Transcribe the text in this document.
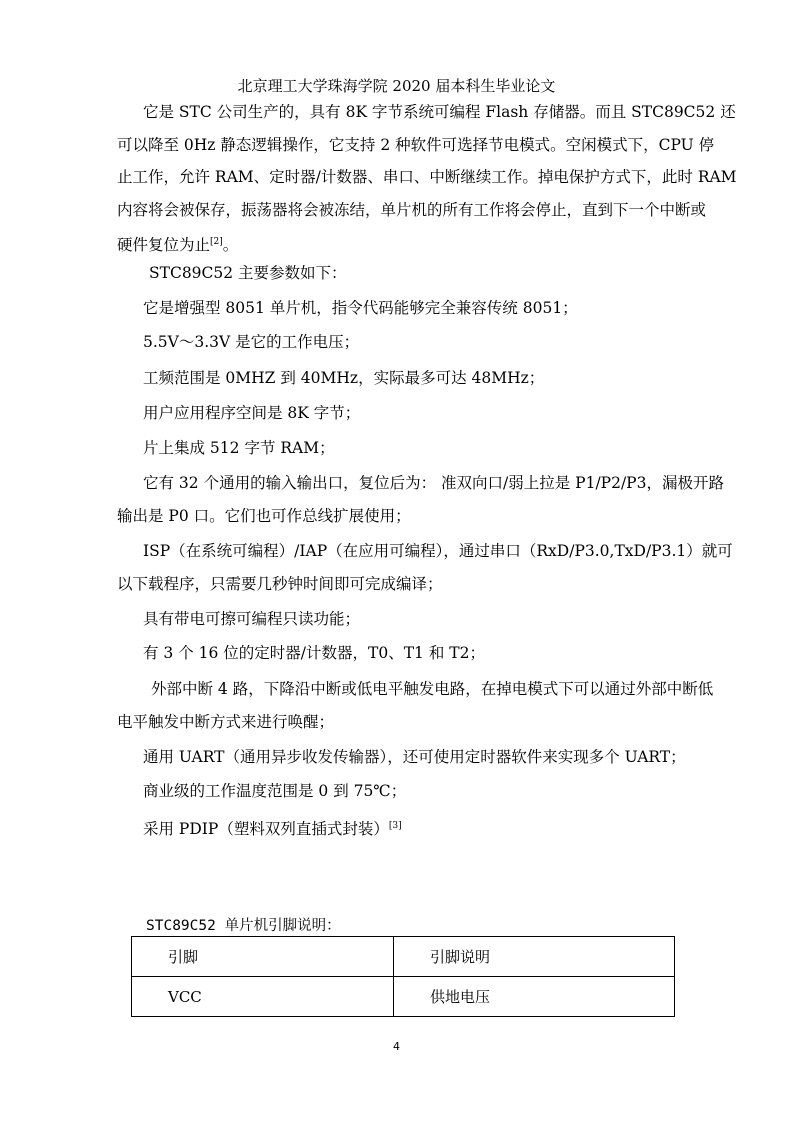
北京理工大学珠海学院 2020 届本科生毕业论文

它是 STC 公司生产的，具有 8K 字节系统可编程 Flash 存储器。而且 STC89C52 还
可以降至 0Hz 静态逻辑操作，它支持 2 种软件可选择节电模式。空闲模式下，CPU 停
止工作，允许 RAM、定时器/计数器、串口、中断继续工作。掉电保护方式下，此时 RAM
内容将会被保存，振荡器将会被冻结，单片机的所有工作将会停止，直到下一个中断或
硬件复位为止[2]。

STC89C52 主要参数如下：

它是增强型 8051 单片机，指令代码能够完全兼容传统 8051；

5.5V～3.3V 是它的工作电压；

工频范围是 0MHZ 到 40MHz，实际最多可达 48MHz；

用户应用程序空间是 8K 字节；

片上集成 512 字节 RAM；

它有 32 个通用的输入输出口，复位后为： 准双向口/弱上拉是 P1/P2/P3，漏极开路
输出是 P0 口。它们也可作总线扩展使用；

ISP（在系统可编程）/IAP（在应用可编程），通过串口（RxD/P3.0,TxD/P3.1）就可
以下载程序，只需要几秒钟时间即可完成编译；

具有带电可擦可编程只读功能；

有 3 个 16 位的定时器/计数器，T0、T1 和 T2；

外部中断 4 路，下降沿中断或低电平触发电路，在掉电模式下可以通过外部中断低
电平触发中断方式来进行唤醒；

通用 UART（通用异步收发传输器），还可使用定时器软件来实现多个 UART；

商业级的工作温度范围是 0 到 75℃；

采用 PDIP（塑料双列直插式封装）[3]

STC89C52 单片机引脚说明：
引脚	引脚说明
VCC	供地电压
4
